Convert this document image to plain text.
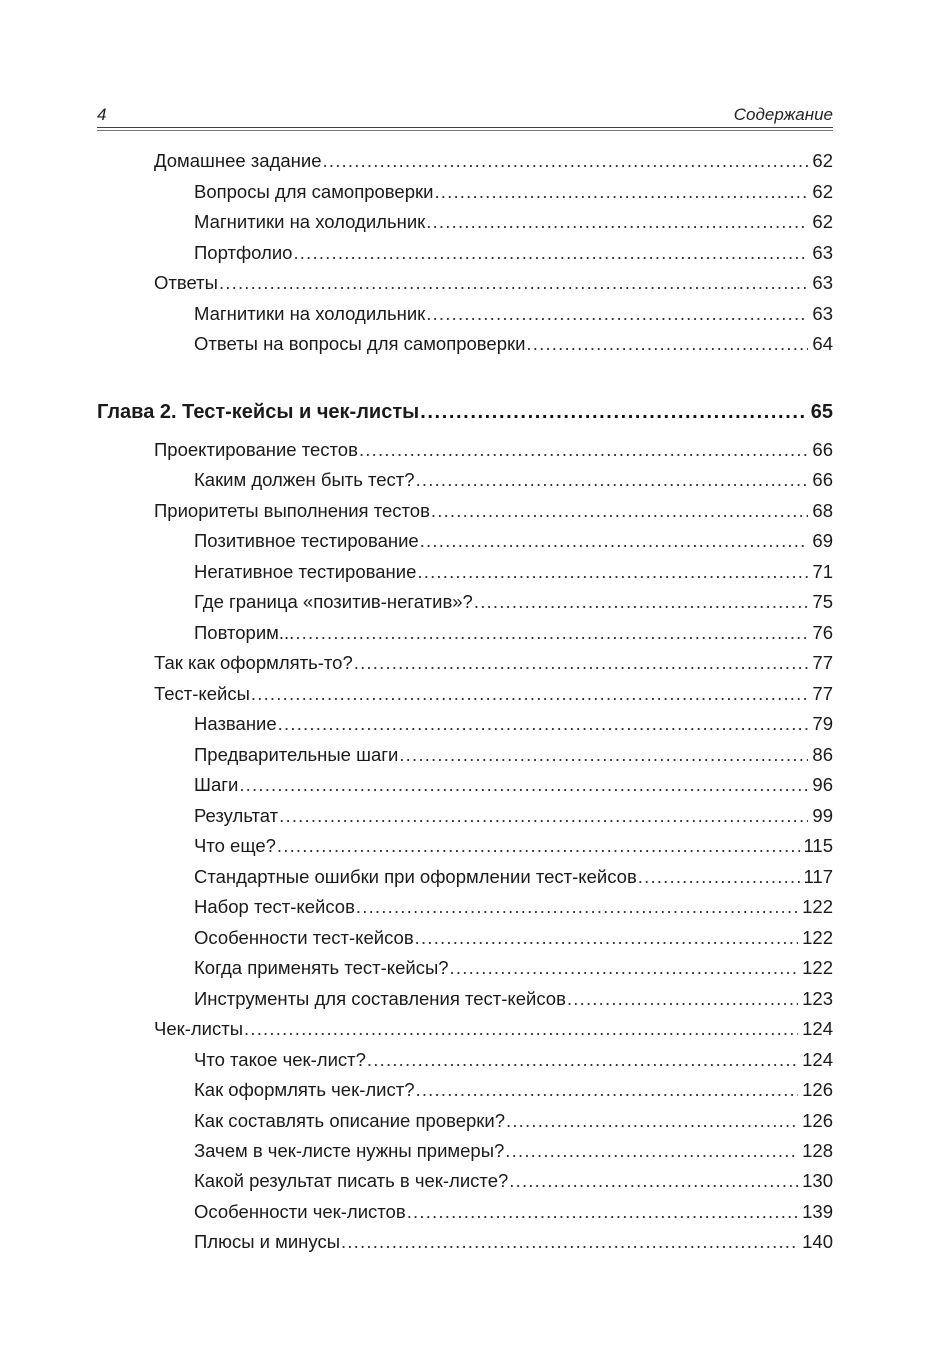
4	Содержание
Домашнее задание .....	62
Вопросы для самопроверки .....	62
Магнитики на холодильник .....	62
Портфолио .....	63
Ответы .....	63
Магнитики на холодильник .....	63
Ответы на вопросы для самопроверки .....	64
Глава 2. Тест-кейсы и чек-листы .....	65
Проектирование тестов .....	66
Каким должен быть тест? .....	66
Приоритеты выполнения тестов .....	68
Позитивное тестирование .....	69
Негативное тестирование .....	71
Где граница «позитив-негатив»? .....	75
Повторим... .....	76
Так как оформлять-то? .....	77
Тест-кейсы .....	77
Название .....	79
Предварительные шаги .....	86
Шаги .....	96
Результат .....	99
Что еще? .....	115
Стандартные ошибки при оформлении тест-кейсов .....	117
Набор тест-кейсов .....	122
Особенности тест-кейсов .....	122
Когда применять тест-кейсы? .....	122
Инструменты для составления тест-кейсов .....	123
Чек-листы .....	124
Что такое чек-лист? .....	124
Как оформлять чек-лист? .....	126
Как составлять описание проверки? .....	126
Зачем в чек-листе нужны примеры? .....	128
Какой результат писать в чек-листе? .....	130
Особенности чек-листов .....	139
Плюсы и минусы .....	140
